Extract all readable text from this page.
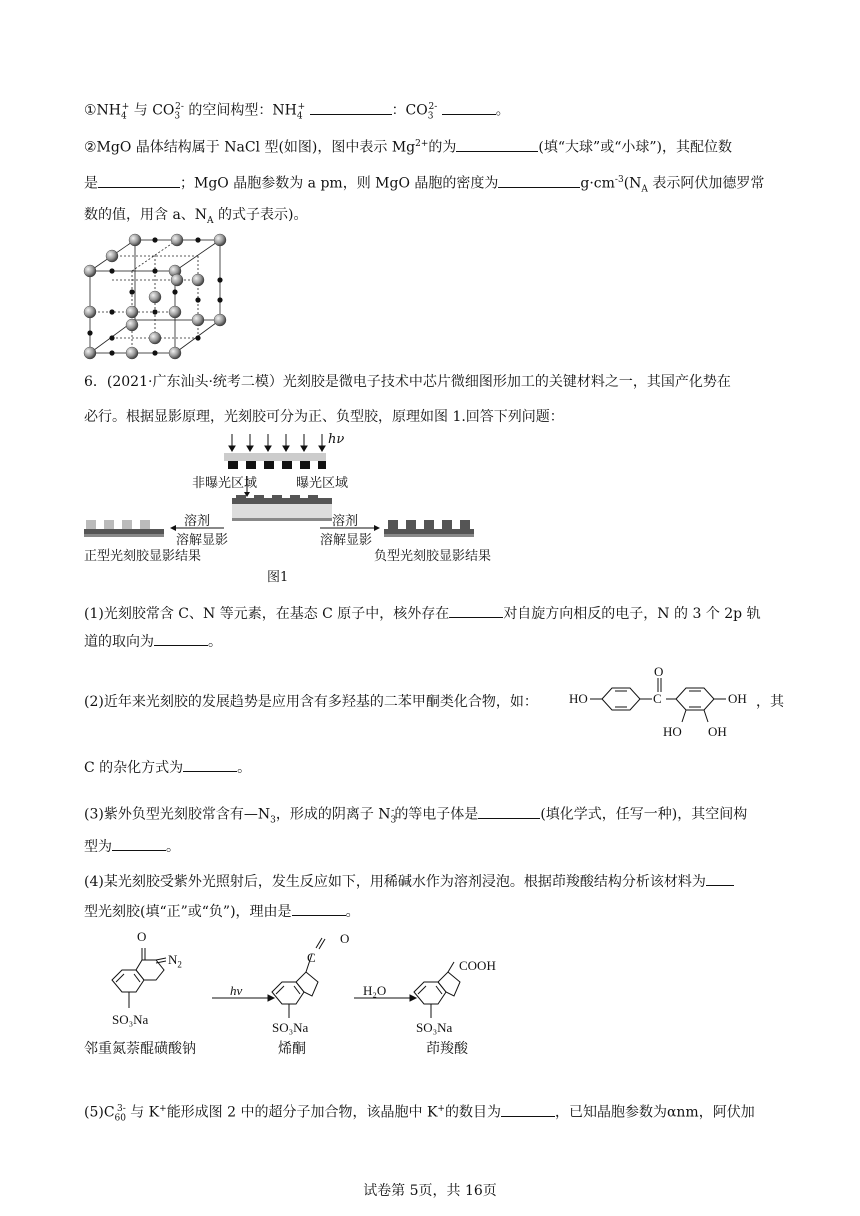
$①NH_4^+$ 与 $CO_3^{2-}$ 的空间构型：$NH_4^+$	：$CO_3^{2-}$	。
②MgO 晶体结构属于 NaCl 型(如图)，图中表示 $Mg^{2+}$的为	(填“大球”或“小球”)，其配位数
是	；MgO 晶胞参数为 a pm，则 MgO 晶胞的密度为	$g\cdot cm^{-3}(N_A$ 表示阿伏加德罗常
数的值，用含 a、$N_A$ 的式子表示)。
6．(2021·广东汕头·统考二模）光刻胶是微电子技术中芯片微细图形加工的关键材料之一，其国产化势在
必行。根据显影原理，光刻胶可分为正、负型胶，原理如图 1.回答下列问题：
hν
非曝光区域	曝光区域
溶剂
溶解显影
溶剂
溶解显影
正型光刻胶显影结果	负型光刻胶显影结果
图1
(1)光刻胶常含 C、N 等元素，在基态 C 原子中，核外存在	对自旋方向相反的电子，N 的 3 个 2p 轨
道的取向为	。
(2)近年来光刻胶的发展趋势是应用含有多羟基的二苯甲酮类化合物，如： HO
O
C	OH
HO OH
，其
C 的杂化方式为	。
(3)紫外负型光刻胶常含有$—N_3$，形成的阴离子 $N_3^-$的等电子体是	(填化学式，任写一种)，其空间构
型为	。
(4)某光刻胶受紫外光照射后，发生反应如下，用稀碱水作为溶剂浸泡。根据茚羧酸结构分析该材料为
型光刻胶(填“正”或“负”)，理由是	。
O
$N_2$
SO₃Na
hν
O
C
SO₃Na
H₂O
COOH
SO₃Na
邻重氮萘醌磺酸钠	烯酮	茚羧酸
$(5)C_{60}^{3-}$ 与 K+能形成图 2 中的超分子加合物，该晶胞中 K+的数目为	，已知晶胞参数为αnm，阿伏加
试卷第 5页，共 16页
